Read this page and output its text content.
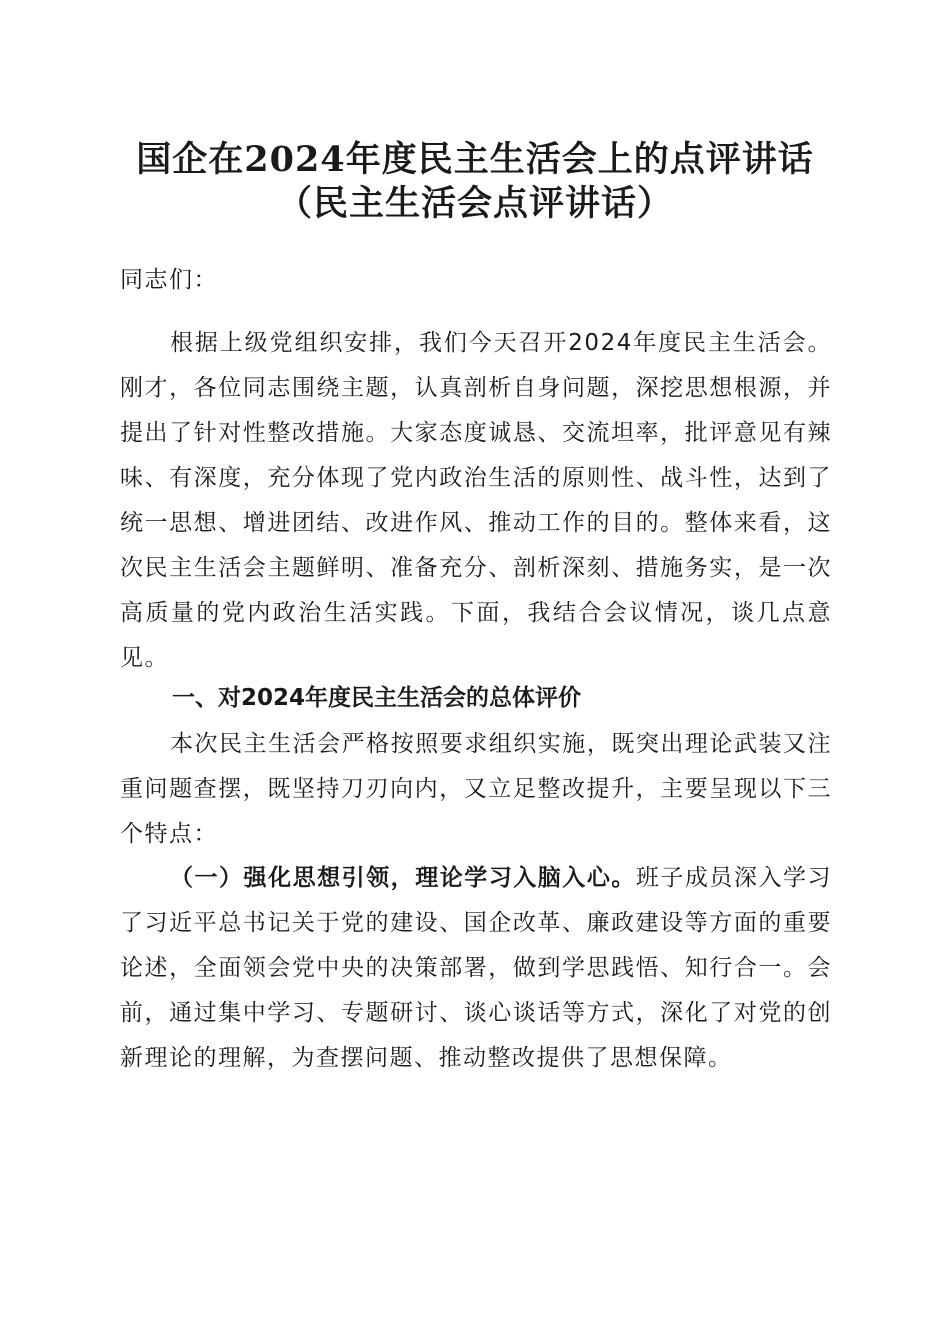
国企在2024年度民主生活会上的点评讲话
（民主生活会点评讲话）

同志们：

根据上级党组织安排，我们今天召开2024年度民主生活会。刚才，各位同志围绕主题，认真剖析自身问题，深挖思想根源，并提出了针对性整改措施。大家态度诚恳、交流坦率，批评意见有辣味、有深度，充分体现了党内政治生活的原则性、战斗性，达到了统一思想、增进团结、改进作风、推动工作的目的。整体来看，这次民主生活会主题鲜明、准备充分、剖析深刻、措施务实，是一次高质量的党内政治生活实践。下面，我结合会议情况，谈几点意见。

一、对2024年度民主生活会的总体评价

本次民主生活会严格按照要求组织实施，既突出理论武装又注重问题查摆，既坚持刀刃向内，又立足整改提升，主要呈现以下三个特点：

（一）强化思想引领，理论学习入脑入心。班子成员深入学习了习近平总书记关于党的建设、国企改革、廉政建设等方面的重要论述，全面领会党中央的决策部署，做到学思践悟、知行合一。会前，通过集中学习、专题研讨、谈心谈话等方式，深化了对党的创新理论的理解，为查摆问题、推动整改提供了思想保障。
